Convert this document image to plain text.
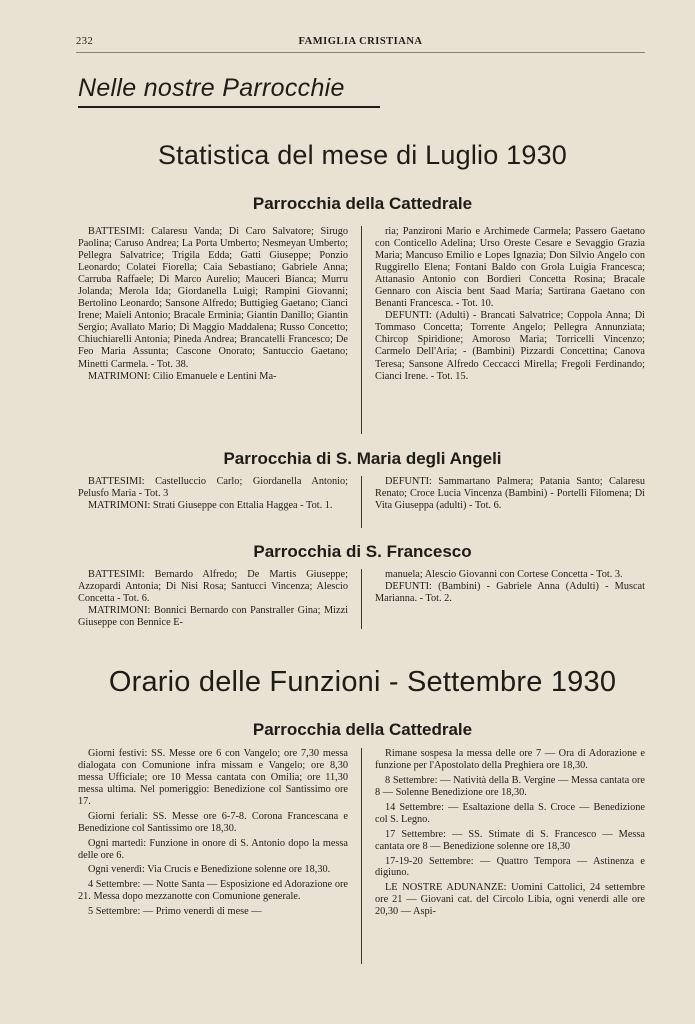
232	FAMIGLIA CRISTIANA
Nelle nostre Parrocchie
Statistica del mese di Luglio 1930
Parrocchia della Cattedrale

BATTESIMI: Calaresu Vanda; Di Caro Salvatore; Sirugo Paolina; Caruso Andrea; La Porta Umberto; Nesmeyan Umberto; Pellegra Salvatrice; Trigila Edda; Gatti Giuseppe; Ponzio Leonardo; Colatei Fiorella; Caia Sebastiano; Gabriele Anna; Carruba Raffaele; Di Marco Aurelio; Mauceri Bianca; Murru Jolanda; Merola Ida; Giordanella Luigi; Rampini Giovanni; Bertolino Leonardo; Sansone Alfredo; Buttigieg Gaetano; Cianci Irene; Maieli Antonio; Bracale Erminia; Giantin Danillo; Giantin Sergio; Avallato Mario; Di Maggio Maddalena; Russo Concetto; Chiuchiarelli Antonia; Pineda Andrea; Brancatelli Francesco; De Feo Maria Assunta; Cascone Onorato; Santuccio Gaetano; Minetti Carmela. - Tot. 38.

MATRIMONI: Cilio Emanuele e Lentini Ma-

ria; Panzironi Mario e Archimede Carmela; Passero Gaetano con Conticello Adelina; Urso Oreste Cesare e Sevaggio Grazia Maria; Mancuso Emilio e Lopes Ignazia; Don Silvio Angelo con Ruggirello Elena; Fontani Baldo con Grola Luigia Francesca; Attanasio Antonio con Bordieri Concetta Rosina; Bracale Gennaro con Aiscia bent Saad Maria; Sartirana Gaetano con Benanti Francesca. - Tot. 10.

DEFUNTI: (Adulti) - Brancati Salvatrice; Coppola Anna; Di Tommaso Concetta; Torrente Angelo; Pellegra Annunziata; Chircop Spiridione; Amoroso Maria; Torricelli Vincenzo; Carmelo Dell'Aria; - (Bambini) Pizzardi Concettina; Canova Teresa; Sansone Alfredo Ceccacci Mirella; Fregoli Ferdinando; Cianci Irene. - Tot. 15.

Parrocchia di S. Maria degli Angeli

BATTESIMI: Castelluccio Carlo; Giordanella Antonio; Pelusfo Maria - Tot. 3

MATRIMONI: Strati Giuseppe con Ettalia Haggea - Tot. 1.

DEFUNTI: Sammartano Palmera; Patania Santo; Calaresu Renato; Croce Lucia Vincenza (Bambini) - Portelli Filomena; Di Vita Giuseppa (adulti) - Tot. 6.

Parrocchia di S. Francesco

BATTESIMI: Bernardo Alfredo; De Martis Giuseppe; Azzopardi Antonia; Di Nisi Rosa; Santucci Vincenza; Alescio Concetta - Tot. 6.

MATRIMONI: Bonnici Bernardo con Panstraller Gina; Mizzi Giuseppe con Bennice E-

manuela; Alescio Giovanni con Cortese Concetta - Tot. 3.

DEFUNTI: (Bambini) - Gabriele Anna (Adulti) - Muscat Marianna. - Tot. 2.

Orario delle Funzioni - Settembre 1930
Parrocchia della Cattedrale

Giorni festivi: SS. Messe ore 6 con Vangelo; ore 7,30 messa dialogata con Comunione infra missam e Vangelo; ore 8,30 messa Ufficiale; ore 10 Messa cantata con Omilia; ore 11,30 messa ultima. Nel pomeriggio: Benedizione col Santissimo ore 17.

Giorni feriali: SS. Messe ore 6-7-8. Corona Francescana e Benedizione col Santissimo ore 18,30.

Ogni martedì: Funzione in onore di S. Antonio dopo la messa delle ore 6.

Ogni venerdì: Via Crucis e Benedizione solenne ore 18,30.

4 Settembre: — Notte Santa — Esposizione ed Adorazione ore 21. Messa dopo mezzanotte con Comunione generale.

5 Settembre: — Primo venerdì di mese —

Rimane sospesa la messa delle ore 7 — Ora di Adorazione e funzione per l'Apostolato della Preghiera ore 18,30.

8 Settembre: — Natività della B. Vergine — Messa cantata ore 8 — Solenne Benedizione ore 18,30.

14 Settembre: — Esaltazione della S. Croce — Benedizione col S. Legno.

17 Settembre: — SS. Stimate di S. Francesco — Messa cantata ore 8 — Benedizione solenne ore 18,30

17-19-20 Settembre: — Quattro Tempora — Astinenza e digiuno.

LE NOSTRE ADUNANZE: Uomini Cattolici, 24 settembre ore 21 — Giovani cat. del Circolo Libia, ogni venerdì alle ore 20,30 — Aspi-
